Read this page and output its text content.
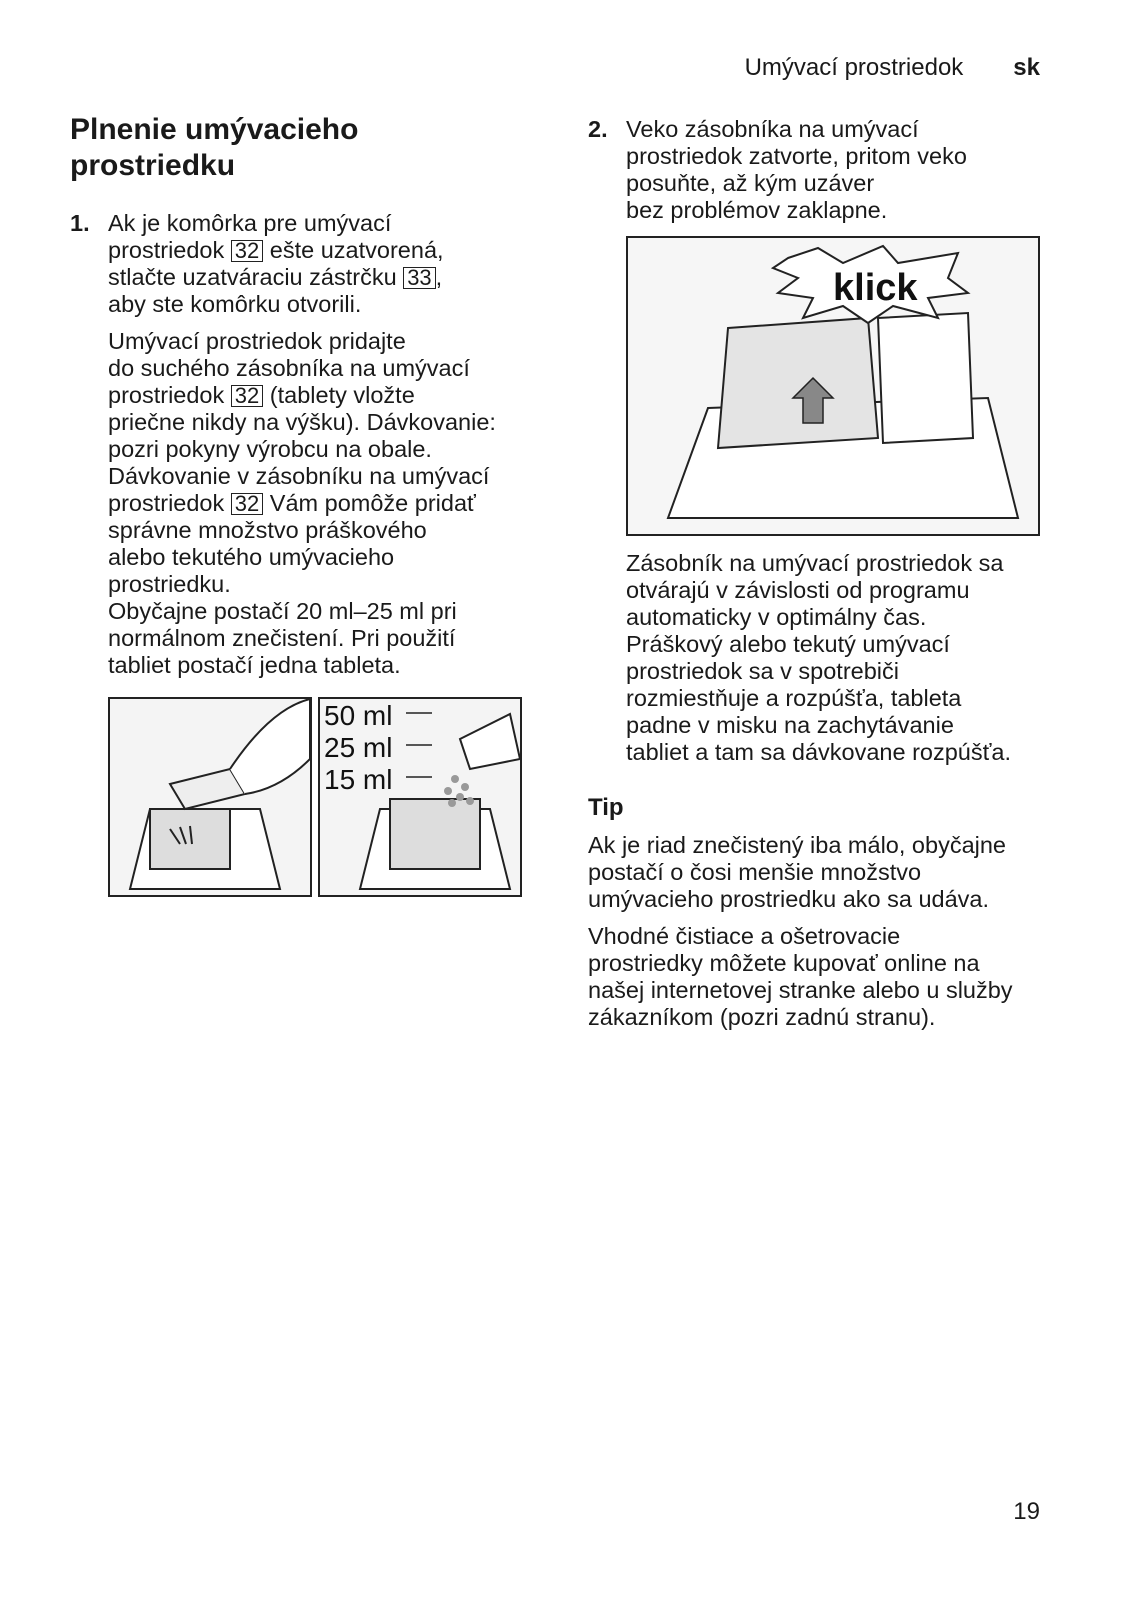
Umývací prostriedok sk
Plnenie umývacieho
prostriedku
1. Ak je komôrka pre umývací
prostriedok 32 ešte uzatvorená,
stlačte uzatváraciu zástrčku 33 ,
aby ste komôrku otvorili.
Umývací prostriedok pridajte
do suchého zásobníka na umývací
prostriedok 32 (tablety vložte
priečne nikdy na výšku). Dávkovanie:
pozri pokyny výrobcu na obale.
Dávkovanie v zásobníku na umývací
prostriedok 32 Vám pomôže pridať
správne množstvo práškového
alebo tekutého umývacieho
prostriedku.
Obyčajne postačí 20 ml–25 ml pri
normálnom znečistení. Pri použití
tabliet postačí jedna tableta.
50 ml
25 ml
15 ml
2. Veko zásobníka na umývací
prostriedok zatvorte, pritom veko
posuňte, až kým uzáver
bez problémov zaklapne.
klick
Zásobník na umývací prostriedok sa
otvárajú v závislosti od programu
automaticky v optimálny čas.
Práškový alebo tekutý umývací
prostriedok sa v spotrebiči
rozmiestňuje a rozpúšťa, tableta
padne v misku na zachytávanie
tabliet a tam sa dávkovane rozpúšťa.
Tip
Ak je riad znečistený iba málo, obyčajne
postačí o čosi menšie množstvo
umývacieho prostriedku ako sa udáva.
Vhodné čistiace a ošetrovacie
prostriedky môžete kupovať online na
našej internetovej stranke alebo u služby
zákazníkom (pozri zadnú stranu).
19
